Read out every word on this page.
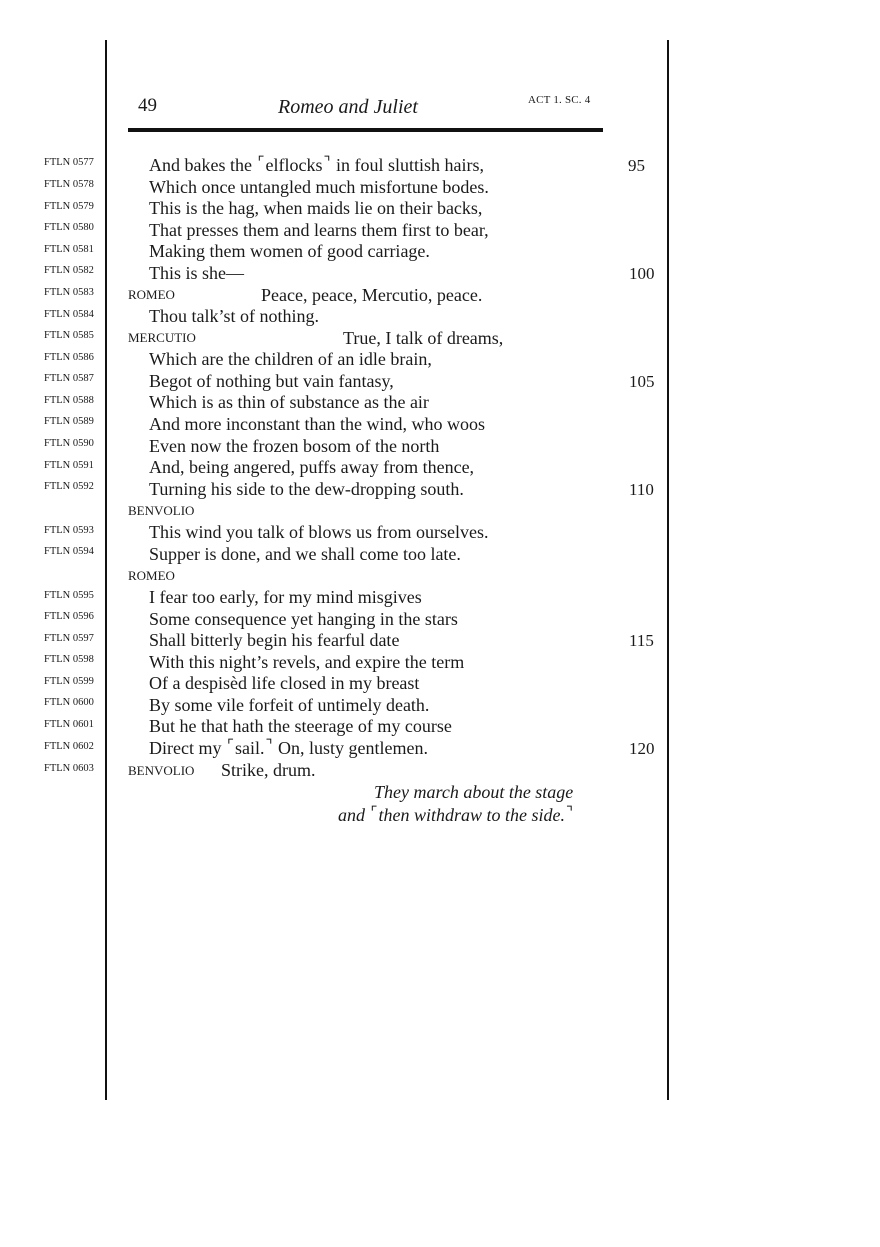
49	Romeo and Juliet	ACT 1. SC. 4
FTLN 0577	And bakes the ⌜elflocks⌝ in foul sluttish hairs,	95
FTLN 0578	Which once untangled much misfortune bodes.
FTLN 0579	This is the hag, when maids lie on their backs,
FTLN 0580	That presses them and learns them first to bear,
FTLN 0581	Making them women of good carriage.
FTLN 0582	This is she—	100
FTLN 0583	ROMEO	Peace, peace, Mercutio, peace.
FTLN 0584	Thou talk’st of nothing.
FTLN 0585	MERCUTIO	True, I talk of dreams,
FTLN 0586	Which are the children of an idle brain,
FTLN 0587	Begot of nothing but vain fantasy,	105
FTLN 0588	Which is as thin of substance as the air
FTLN 0589	And more inconstant than the wind, who woos
FTLN 0590	Even now the frozen bosom of the north
FTLN 0591	And, being angered, puffs away from thence,
FTLN 0592	Turning his side to the dew-dropping south.	110
BENVOLIO
FTLN 0593	This wind you talk of blows us from ourselves.
FTLN 0594	Supper is done, and we shall come too late.
ROMEO
FTLN 0595	I fear too early, for my mind misgives
FTLN 0596	Some consequence yet hanging in the stars
FTLN 0597	Shall bitterly begin his fearful date	115
FTLN 0598	With this night’s revels, and expire the term
FTLN 0599	Of a despisèd life closed in my breast
FTLN 0600	By some vile forfeit of untimely death.
FTLN 0601	But he that hath the steerage of my course
FTLN 0602	Direct my ⌜sail.⌝ On, lusty gentlemen.	120
FTLN 0603	BENVOLIO Strike, drum.
They march about the stage
and ⌜then withdraw to the side.⌝
